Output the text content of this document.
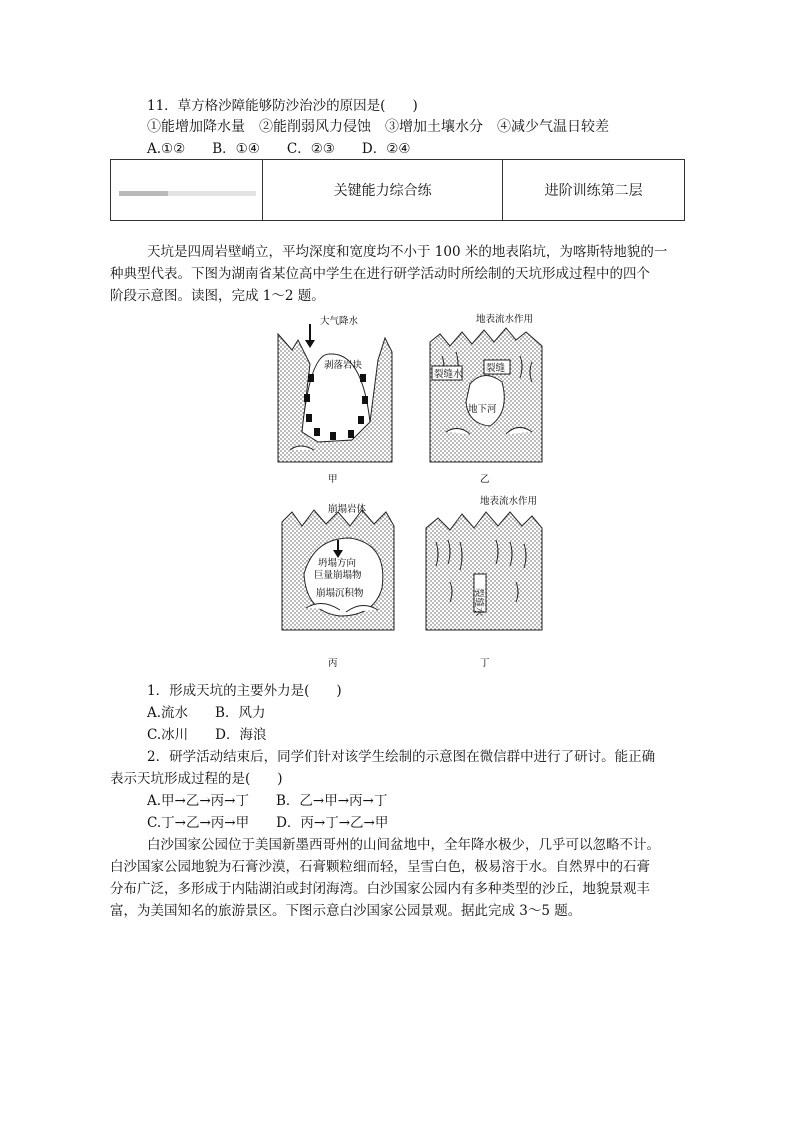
11．草方格沙障能够防沙治沙的原因是(　　)
①能增加降水量　②能削弱风力侵蚀　③增加土壤水分　④减少气温日较差
A.①②　　B．①④　　C．②③　　D．②④
关键能力综合练	进阶训练第二层
天坑是四周岩壁峭立，平均深度和宽度均不小于 100 米的地表陷坑，为喀斯特地貌的一
种典型代表。下图为湖南省某位高中学生在进行研学活动时所绘制的天坑形成过程中的四个
阶段示意图。读图，完成 1～2 题。
大气降水
剥落岩块
甲
地表流水作用
裂缝水
裂缝
地下河
乙
崩塌岩体
坍塌方向
巨量崩塌物
崩塌沉积物
丙
地表流水作用
裂缝水
丁
1．形成天坑的主要外力是(　　)
A.流水　　B．风力
C.冰川　　D．海浪
2．研学活动结束后，同学们针对该学生绘制的示意图在微信群中进行了研讨。能正确
表示天坑形成过程的是(　　)
A.甲→乙→丙→丁　　B．乙→甲→丙→丁
C.丁→乙→丙→甲　　D．丙→丁→乙→甲
白沙国家公园位于美国新墨西哥州的山间盆地中，全年降水极少，几乎可以忽略不计。
白沙国家公园地貌为石膏沙漠，石膏颗粒细而轻，呈雪白色，极易溶于水。自然界中的石膏
分布广泛，多形成于内陆湖泊或封闭海湾。白沙国家公园内有多种类型的沙丘，地貌景观丰
富，为美国知名的旅游景区。下图示意白沙国家公园景观。据此完成 3～5 题。
